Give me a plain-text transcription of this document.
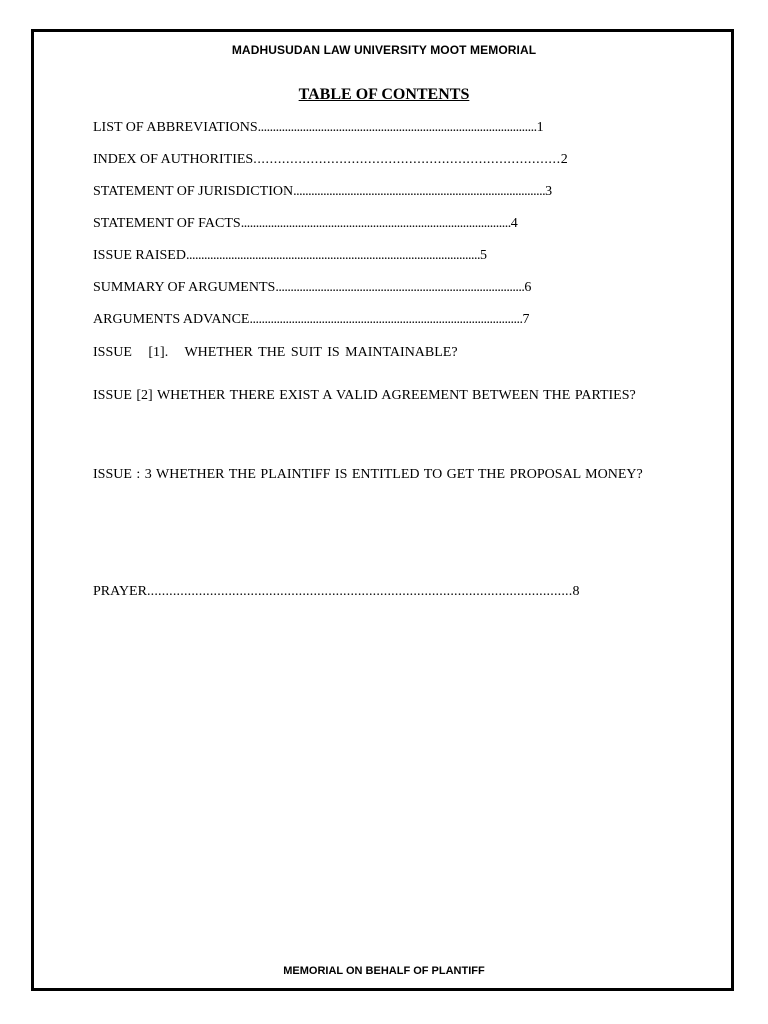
MADHUSUDAN LAW UNIVERSITY MOOT MEMORIAL
TABLE OF CONTENTS
LIST OF ABBREVIATIONS.............................................................................................1
INDEX OF AUTHORITIES...........................................................................2
STATEMENT OF JURISDICTION....................................................................................3
STATEMENT OF FACTS..........................................................................................4
ISSUE RAISED..................................................................................................5
SUMMARY OF ARGUMENTS...................................................................................6
ARGUMENTS ADVANCE...........................................................................................7
ISSUE   [1].   WHETHER THE SUIT IS MAINTAINABLE?
ISSUE [2] WHETHER THERE EXIST A VALID AGREEMENT BETWEEN THE PARTIES?
ISSUE : 3 WHETHER THE PLAINTIFF IS ENTITLED TO GET THE PROPOSAL MONEY?
PRAYER...................................................................................................................8
MEMORIAL ON BEHALF OF PLANTIFF
